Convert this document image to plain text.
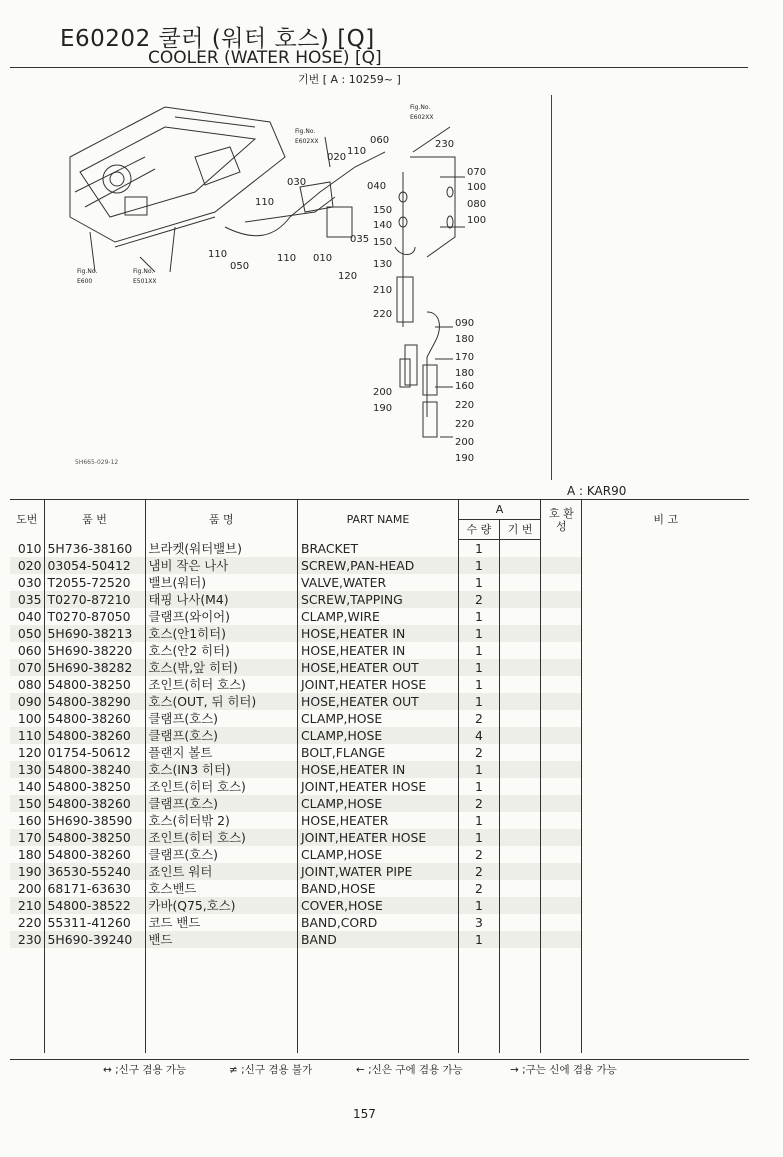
E60202 쿨러 (워터 호스) [Q]
COOLER (WATER HOSE) [Q]
기번 [ A : 10259~ ]
Fig.No.
E602XX
Fig.No.
E602XX
Fig.No.
E600
Fig.No.
E501XX
060	230
110
020
030	040
070
100
080
100
110
150
140
035 150
110	110
050
010
130
120
210
220
090
180
170
180
160
200
190	220
220
200
190
5H665-029-12
A : KAR90
도번	품 번	품 명	PART NAME	A		호 환 성	비 고
				수 량	기 번		
010	5H736-38160	브라켓(워터밸브)	BRACKET	1			
020	03054-50412	냄비 작은 나사	SCREW,PAN-HEAD	1			
030	T2055-72520	밸브(워터)	VALVE,WATER	1			
035	T0270-87210	태핑 나사(M4)	SCREW,TAPPING	2			
040	T0270-87050	클램프(와이어)	CLAMP,WIRE	1			
050	5H690-38213	호스(안1히터)	HOSE,HEATER IN	1			
060	5H690-38220	호스(안2 히터)	HOSE,HEATER IN	1			
070	5H690-38282	호스(밖,앞 히터)	HOSE,HEATER OUT	1			
080	54800-38250	조인트(히터 호스)	JOINT,HEATER HOSE	1			
090	54800-38290	호스(OUT, 뒤 히터)	HOSE,HEATER OUT	1			
100	54800-38260	클램프(호스)	CLAMP,HOSE	2			
110	54800-38260	클램프(호스)	CLAMP,HOSE	4			
120	01754-50612	플랜지 볼트	BOLT,FLANGE	2			
130	54800-38240	호스(IN3 히터)	HOSE,HEATER IN	1			
140	54800-38250	조인트(히터 호스)	JOINT,HEATER HOSE	1			
150	54800-38260	클램프(호스)	CLAMP,HOSE	2			
160	5H690-38590	호스(히터밖 2)	HOSE,HEATER	1			
170	54800-38250	조인트(히터 호스)	JOINT,HEATER HOSE	1			
180	54800-38260	클램프(호스)	CLAMP,HOSE	2			
190	36530-55240	죠인트 워터	JOINT,WATER PIPE	2			
200	68171-63630	호스밴드	BAND,HOSE	2			
210	54800-38522	카바(Q75,호스)	COVER,HOSE	1			
220	55311-41260	코드 밴드	BAND,CORD	3			
230	5H690-39240	밴드	BAND	1			

↔ ;신구 겸용 가능	≠ ;신구 겸용 불가	← ;신은 구에 겸용 가능	→ ;구는 신에 겸용 가능
157
